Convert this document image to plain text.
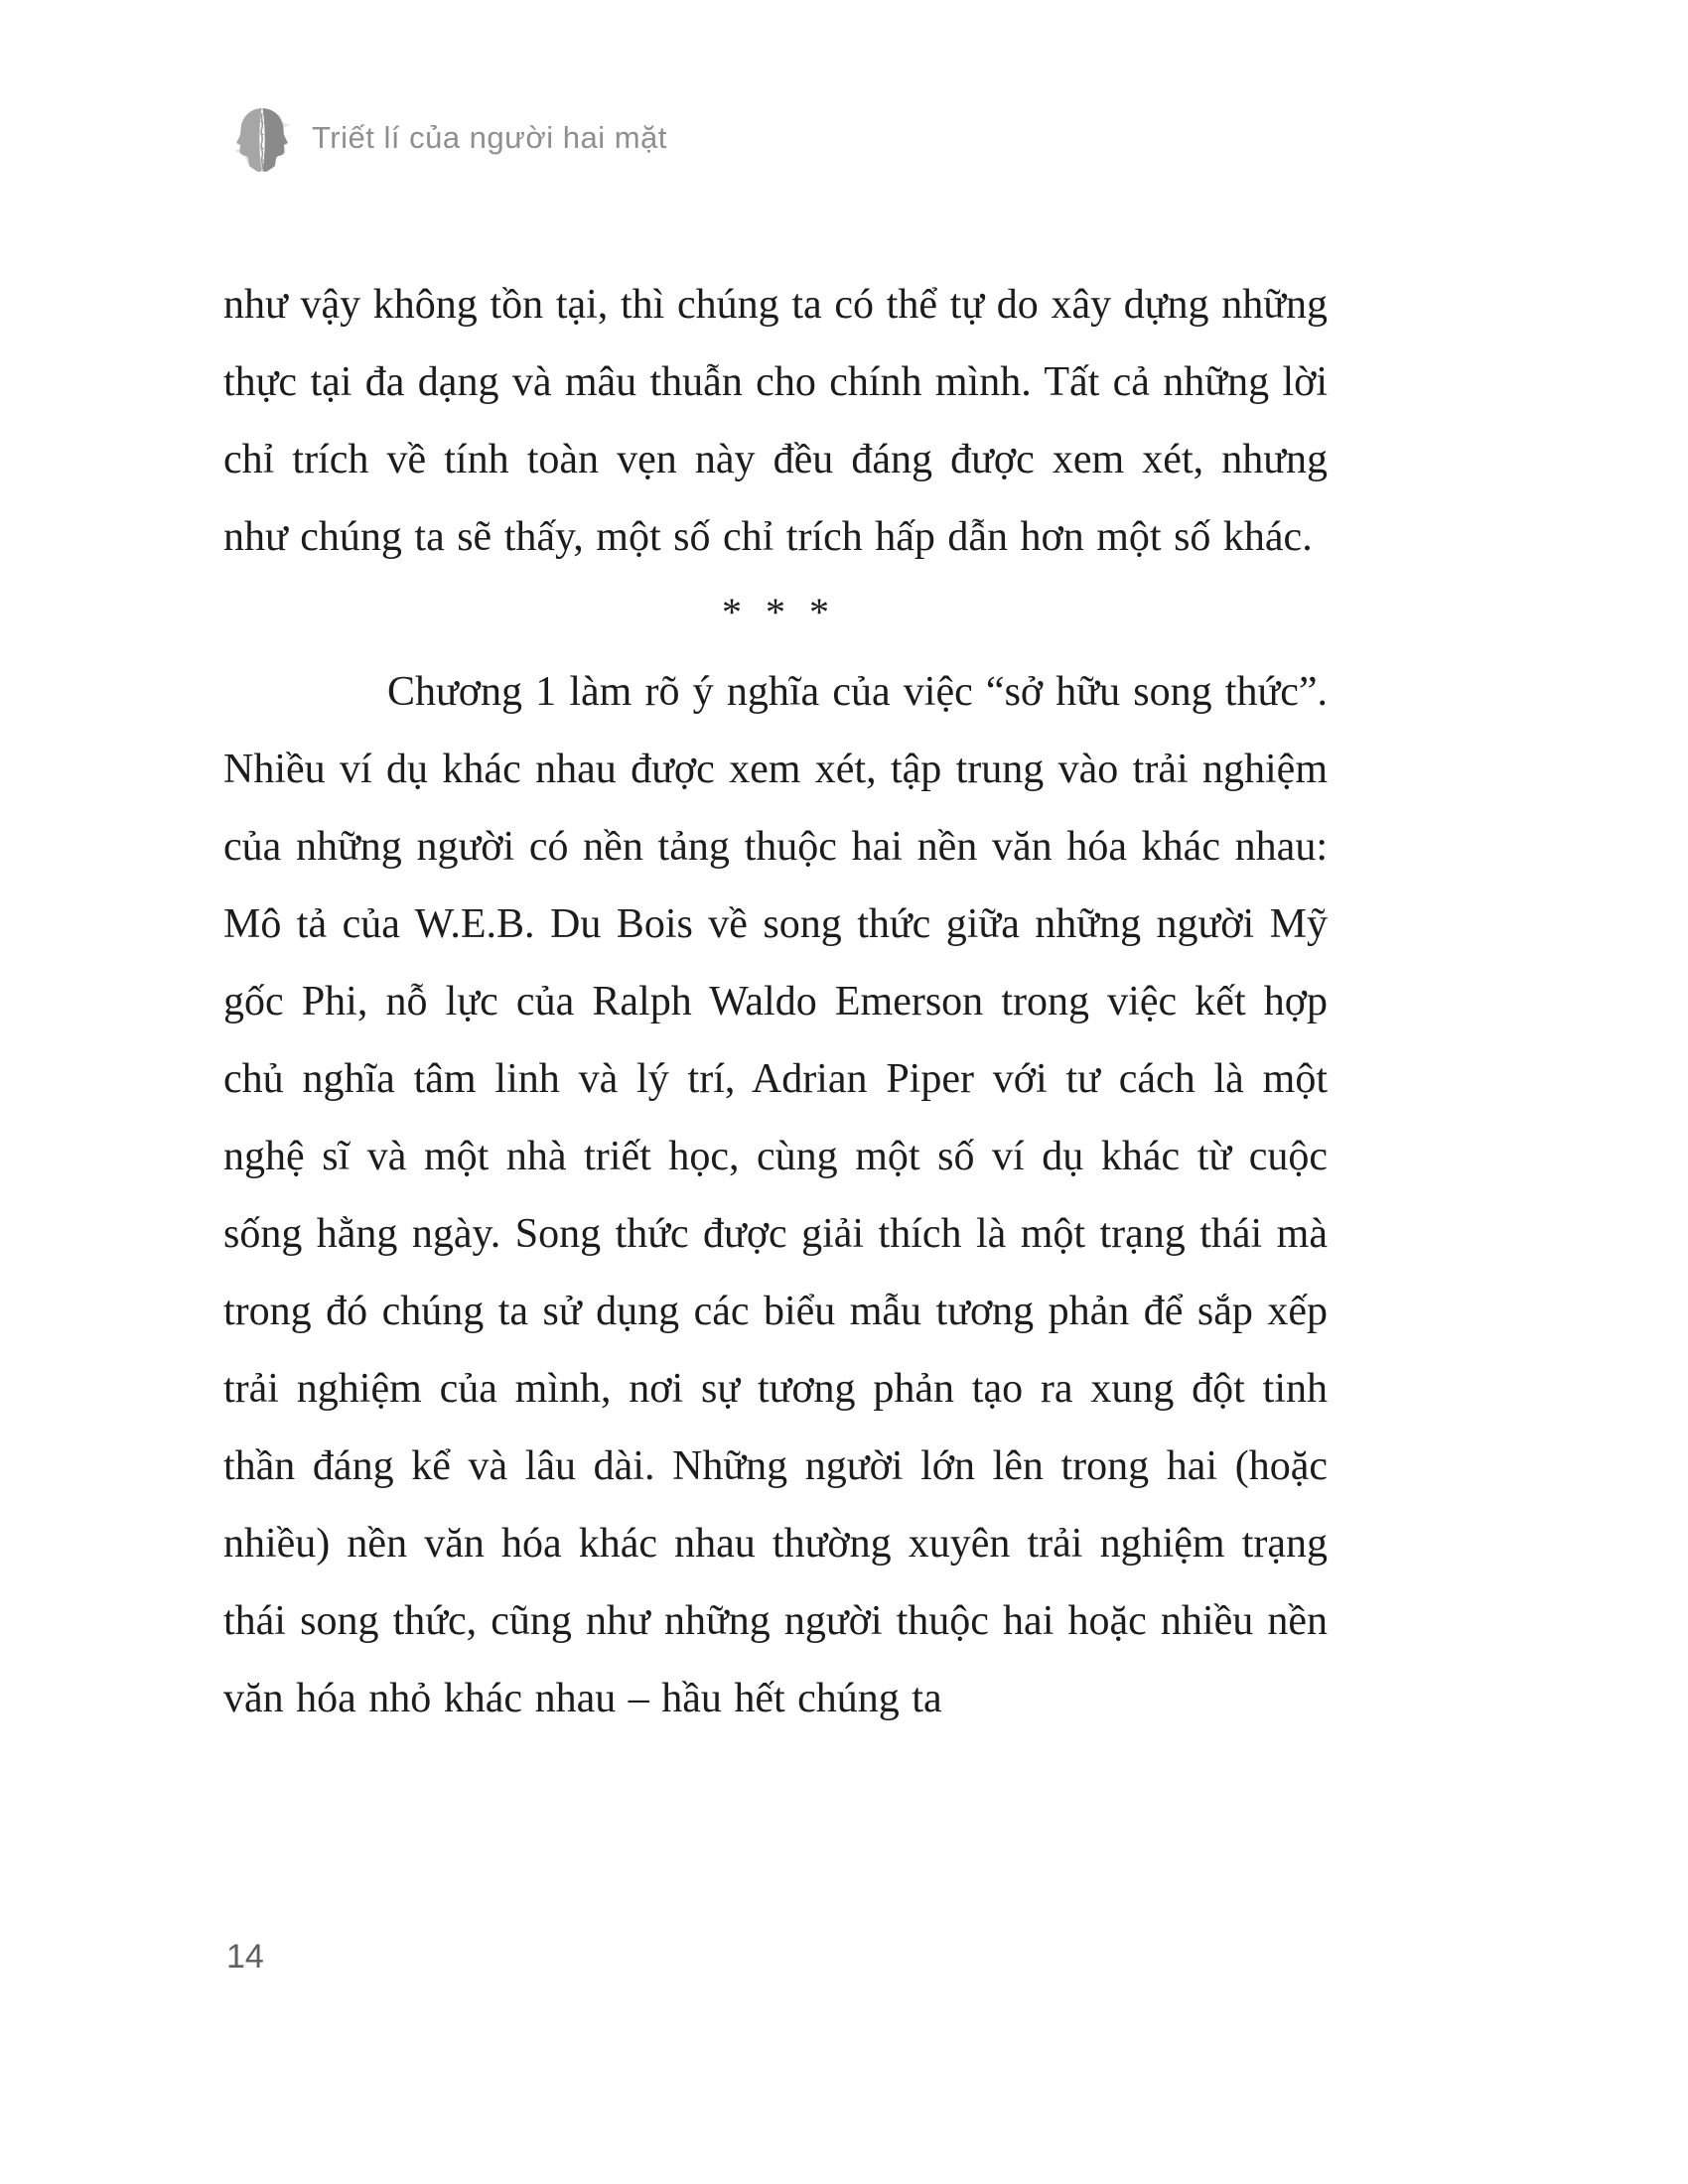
Triết lí của người hai mặt

như vậy không tồn tại, thì chúng ta có thể tự do xây dựng những thực tại đa dạng và mâu thuẫn cho chính mình. Tất cả những lời chỉ trích về tính toàn vẹn này đều đáng được xem xét, nhưng như chúng ta sẽ thấy, một số chỉ trích hấp dẫn hơn một số khác.

* * *

Chương 1 làm rõ ý nghĩa của việc “sở hữu song thức”. Nhiều ví dụ khác nhau được xem xét, tập trung vào trải nghiệm của những người có nền tảng thuộc hai nền văn hóa khác nhau: Mô tả của W.E.B. Du Bois về song thức giữa những người Mỹ gốc Phi, nỗ lực của Ralph Waldo Emerson trong việc kết hợp chủ nghĩa tâm linh và lý trí, Adrian Piper với tư cách là một nghệ sĩ và một nhà triết học, cùng một số ví dụ khác từ cuộc sống hằng ngày. Song thức được giải thích là một trạng thái mà trong đó chúng ta sử dụng các biểu mẫu tương phản để sắp xếp trải nghiệm của mình, nơi sự tương phản tạo ra xung đột tinh thần đáng kể và lâu dài. Những người lớn lên trong hai (hoặc nhiều) nền văn hóa khác nhau thường xuyên trải nghiệm trạng thái song thức, cũng như những người thuộc hai hoặc nhiều nền văn hóa nhỏ khác nhau – hầu hết chúng ta

14
